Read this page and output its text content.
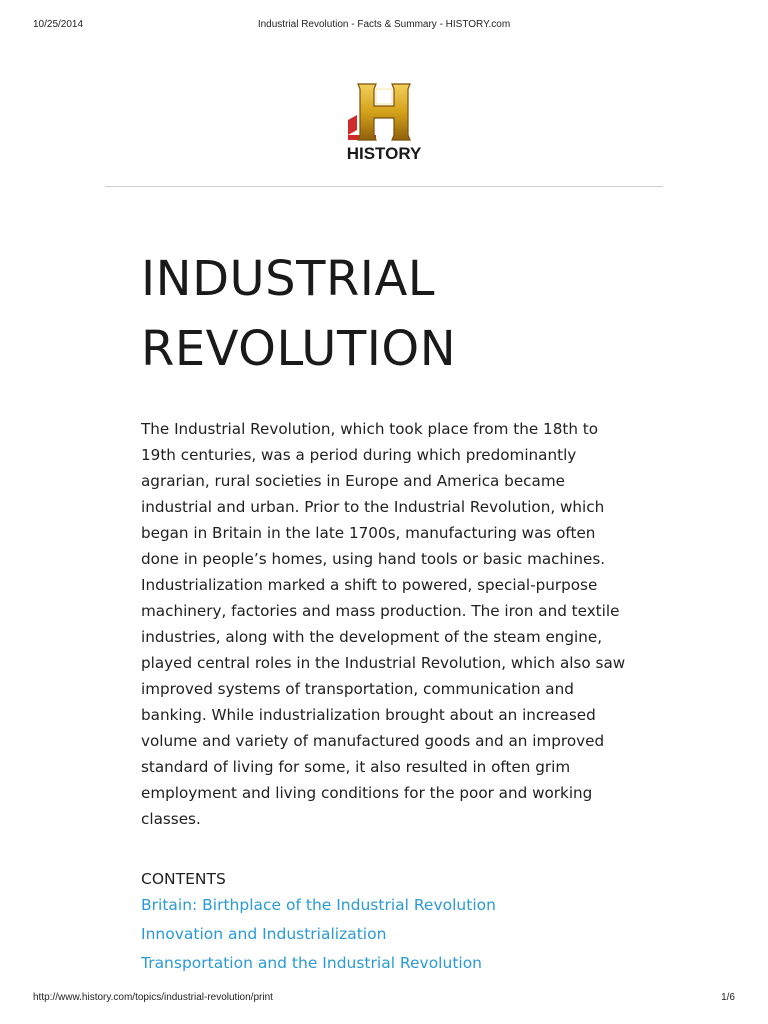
10/25/2014	Industrial Revolution - Facts & Summary - HISTORY.com
HISTORY
INDUSTRIAL REVOLUTION

The Industrial Revolution, which took place from the 18th to 19th centuries, was a period during which predominantly agrarian, rural societies in Europe and America became industrial and urban. Prior to the Industrial Revolution, which began in Britain in the late 1700s, manufacturing was often done in people’s homes, using hand tools or basic machines. Industrialization marked a shift to powered, special-purpose machinery, factories and mass production. The iron and textile industries, along with the development of the steam engine, played central roles in the Industrial Revolution, which also saw improved systems of transportation, communication and banking. While industrialization brought about an increased volume and variety of manufactured goods and an improved standard of living for some, it also resulted in often grim employment and living conditions for the poor and working classes.

CONTENTS
Britain: Birthplace of the Industrial Revolution
Innovation and Industrialization
Transportation and the Industrial Revolution
http://www.history.com/topics/industrial-revolution/print	1/6
